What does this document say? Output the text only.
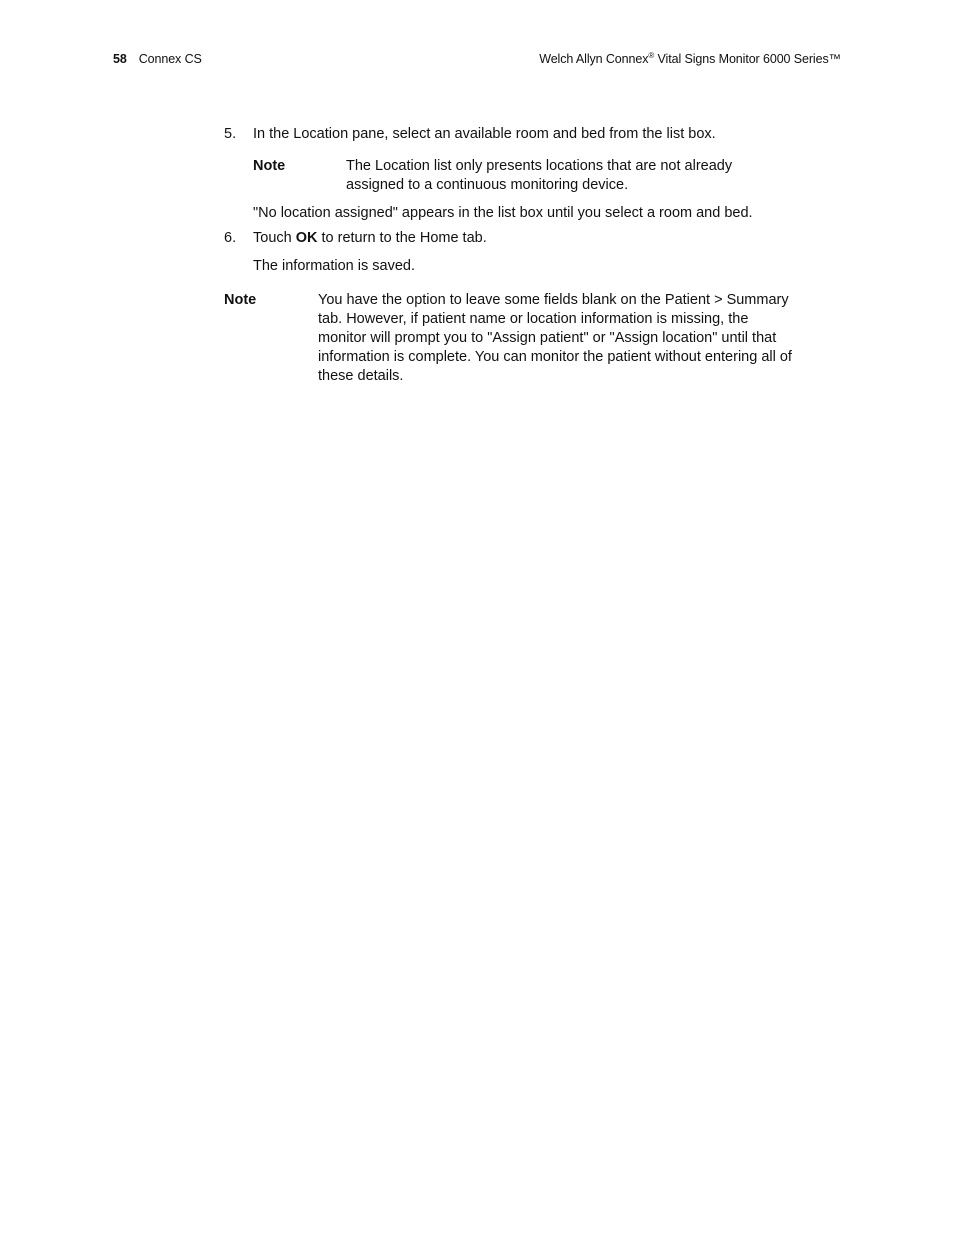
58 Connex CS	Welch Allyn Connex® Vital Signs Monitor 6000 Series™
5. In the Location pane, select an available room and bed from the list box.
Note	The Location list only presents locations that are not already
assigned to a continuous monitoring device.
"No location assigned" appears in the list box until you select a room and bed.
6. Touch OK to return to the Home tab.
The information is saved.
Note	You have the option to leave some fields blank on the Patient > Summary
tab. However, if patient name or location information is missing, the
monitor will prompt you to "Assign patient" or "Assign location" until that
information is complete. You can monitor the patient without entering all of
these details.
